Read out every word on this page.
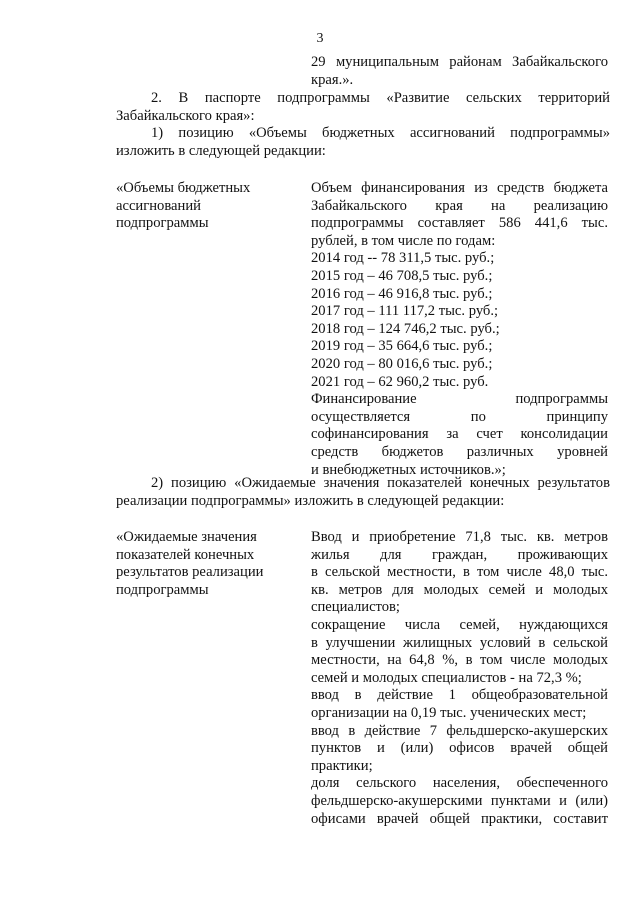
3
29 муниципальным районам Забайкальского
края.».
2. В паспорте подпрограммы «Развитие сельских территорий
Забайкальского края»:
1) позицию «Объемы бюджетных ассигнований подпрограммы»
изложить в следующей редакции:
«Объемы бюджетных
ассигнований
подпрограммы
Объем финансирования из средств бюджета
Забайкальского края на реализацию
подпрограммы составляет 586 441,6 тыс.
рублей, в том числе по годам:
2014 год -- 78 311,5 тыс. руб.;
2015 год – 46 708,5 тыс. руб.;
2016 год – 46 916,8 тыс. руб.;
2017 год – 111 117,2 тыс. руб.;
2018 год – 124 746,2 тыс. руб.;
2019 год – 35 664,6 тыс. руб.;
2020 год – 80 016,6 тыс. руб.;
2021 год – 62 960,2 тыс. руб.
Финансирование подпрограммы
осуществляется по принципу
софинансирования за счет консолидации
средств бюджетов различных уровней
и внебюджетных источников.»;
2) позицию «Ожидаемые значения показателей конечных результатов
реализации подпрограммы» изложить в следующей редакции:
«Ожидаемые значения
показателей конечных
результатов реализации
подпрограммы
Ввод и приобретение 71,8 тыс. кв. метров
жилья для граждан, проживающих
в сельской местности, в том числе 48,0 тыс.
кв. метров для молодых семей и молодых
специалистов;
сокращение числа семей, нуждающихся
в улучшении жилищных условий в сельской
местности, на 64,8 %, в том числе молодых
семей и молодых специалистов - на 72,3 %;
ввод в действие 1 общеобразовательной
организации на 0,19 тыс. ученических мест;
ввод в действие 7 фельдшерско-акушерских
пунктов и (или) офисов врачей общей
практики;
доля сельского населения, обеспеченного
фельдшерско-акушерскими пунктами и (или)
офисами врачей общей практики, составит
